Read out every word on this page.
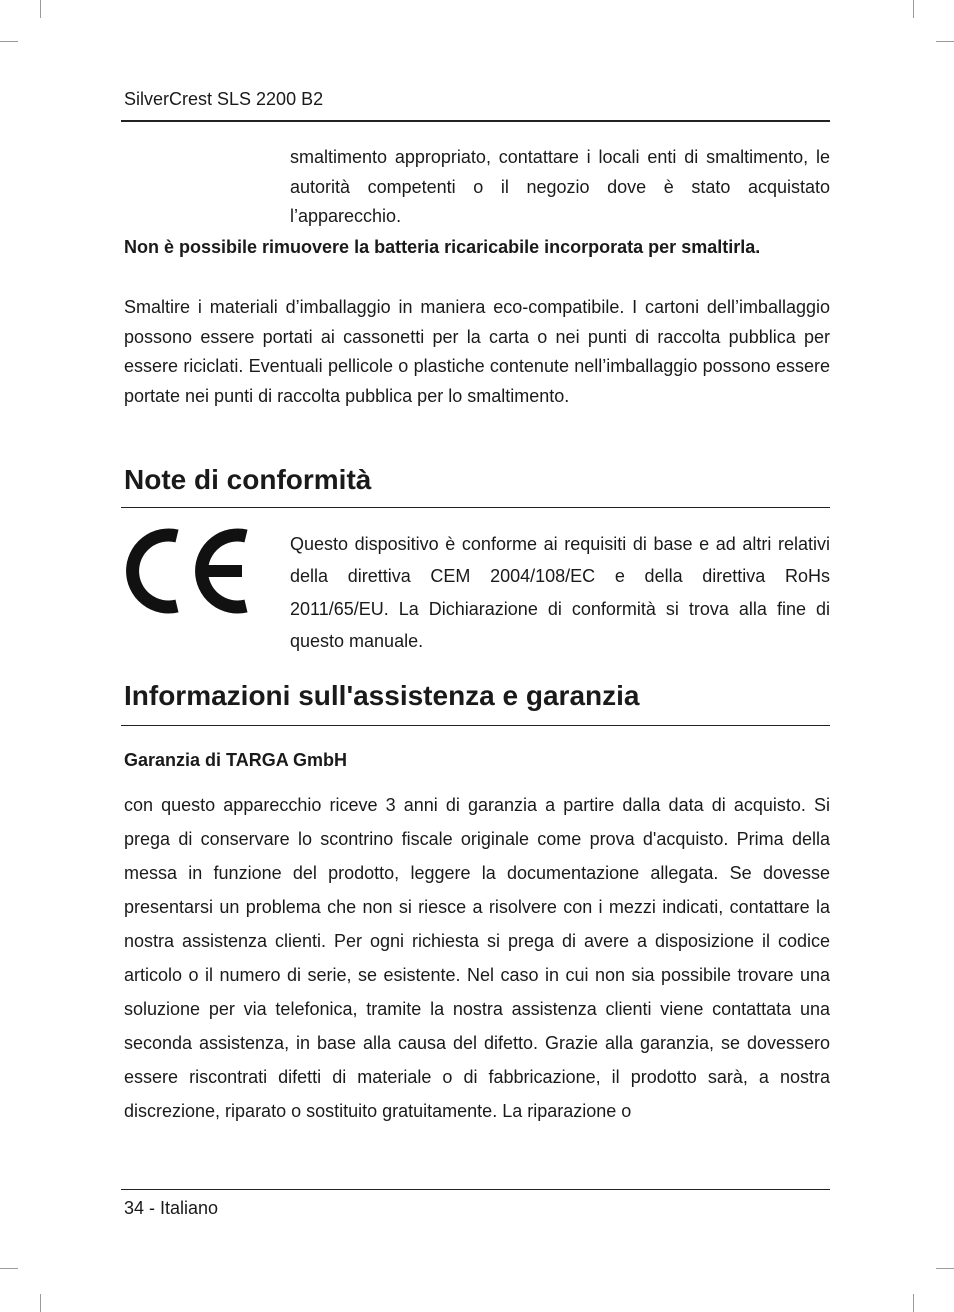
SilverCrest SLS 2200 B2
smaltimento appropriato, contattare i locali enti di smaltimento, le autorità competenti o il negozio dove è stato acquistato l’apparecchio.
Non è possibile rimuovere la batteria ricaricabile incorporata per smaltirla.
Smaltire i materiali d’imballaggio in maniera eco-compatibile. I cartoni dell’imballaggio possono essere portati ai cassonetti per la carta o nei punti di raccolta pubblica per essere riciclati. Eventuali pellicole o plastiche contenute nell’imballaggio possono essere portate nei punti di raccolta pubblica per lo smaltimento.
Note di conformità
Questo dispositivo è conforme ai requisiti di base e ad altri relativi della direttiva CEM 2004/108/EC e della direttiva RoHs 2011/65/EU. La Dichiarazione di conformità si trova alla fine di questo manuale.
Informazioni sull'assistenza e garanzia
Garanzia di TARGA GmbH
con questo apparecchio riceve 3 anni di garanzia a partire dalla data di acquisto. Si prega di conservare lo scontrino fiscale originale come prova d'acquisto. Prima della messa in funzione del prodotto, leggere la documentazione allegata. Se dovesse presentarsi un problema che non si riesce a risolvere con i mezzi indicati, contattare la nostra assistenza clienti. Per ogni richiesta si prega di avere a disposizione il codice articolo o il numero di serie, se esistente. Nel caso in cui non sia possibile trovare una soluzione per via telefonica, tramite la nostra assistenza clienti viene contattata una seconda assistenza, in base alla causa del difetto. Grazie alla garanzia, se dovessero essere riscontrati difetti di materiale o di fabbricazione, il prodotto sarà, a nostra discrezione, riparato o sostituito gratuitamente. La riparazione o
34 - Italiano
